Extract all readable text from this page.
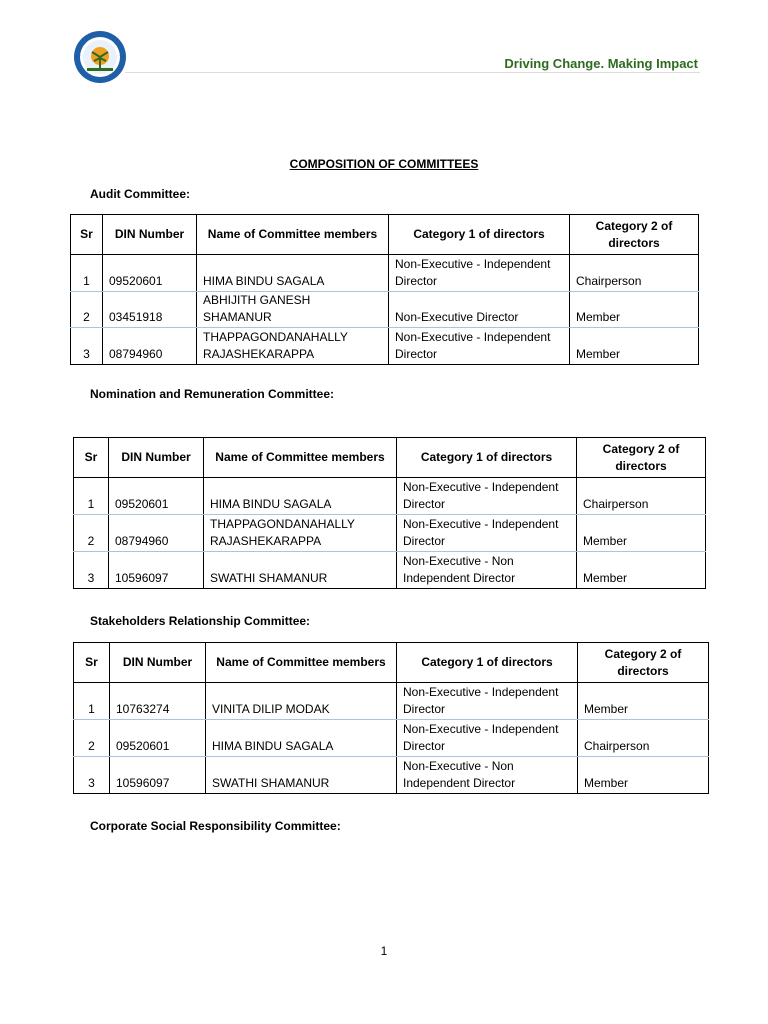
Driving Change. Making Impact
COMPOSITION OF COMMITTEES
Audit Committee:
Sr	DIN Number	Name of Committee members	Category 1 of directors	Category 2 of directors
1	09520601	HIMA BINDU SAGALA	Non-Executive - Independent Director	Chairperson
2	03451918	ABHIJITH GANESH SHAMANUR	Non-Executive Director	Member
3	08794960	THAPPAGONDANAHALLY RAJASHEKARAPPA	Non-Executive - Independent Director	Member
Nomination and Remuneration Committee:
Sr	DIN Number	Name of Committee members	Category 1 of directors	Category 2 of directors
1	09520601	HIMA BINDU SAGALA	Non-Executive - Independent Director	Chairperson
2	08794960	THAPPAGONDANAHALLY RAJASHEKARAPPA	Non-Executive - Independent Director	Member
3	10596097	SWATHI SHAMANUR	Non-Executive - Non Independent Director	Member
Stakeholders Relationship Committee:
Sr	DIN Number	Name of Committee members	Category 1 of directors	Category 2 of directors
1	10763274	VINITA DILIP MODAK	Non-Executive - Independent Director	Member
2	09520601	HIMA BINDU SAGALA	Non-Executive - Independent Director	Chairperson
3	10596097	SWATHI SHAMANUR	Non-Executive - Non Independent Director	Member
Corporate Social Responsibility Committee:
1
